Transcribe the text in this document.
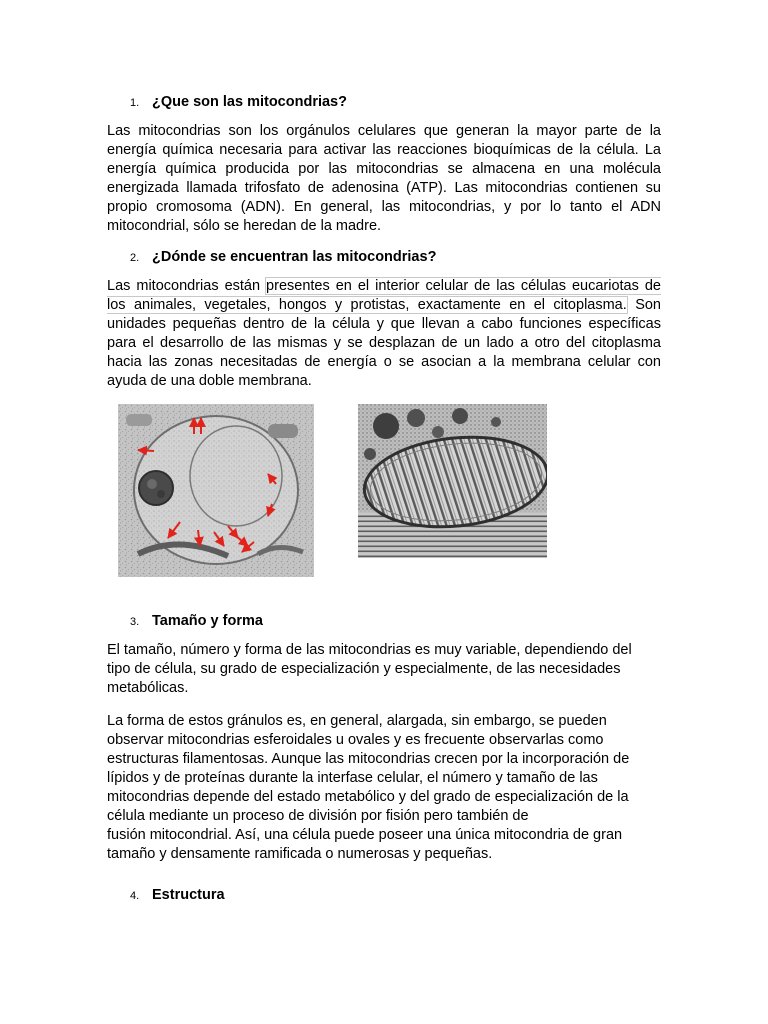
1. ¿Que son las mitocondrias?
Las mitocondrias son los orgánulos celulares que generan la mayor parte de la
energía química necesaria para activar las reacciones bioquímicas de la célula. La
energía química producida por las mitocondrias se almacena en una molécula
energizada llamada trifosfato de adenosina (ATP). Las mitocondrias contienen su
propio cromosoma (ADN). En general, las mitocondrias, y por lo tanto el ADN
mitocondrial, sólo se heredan de la madre.
2. ¿Dónde se encuentran las mitocondrias?
Las mitocondrias están presentes en el interior celular de las células eucariotas de
los animales, vegetales, hongos y protistas, exactamente en el citoplasma. Son
unidades pequeñas dentro de la célula y que llevan a cabo funciones específicas
para el desarrollo de las mismas y se desplazan de un lado a otro del citoplasma
hacia las zonas necesitadas de energía o se asocian a la membrana celular con
ayuda de una doble membrana.
3. Tamaño y forma
El tamaño, número y forma de las mitocondrias es muy variable, dependiendo del
tipo de célula, su grado de especialización y especialmente, de las necesidades
metabólicas.
La forma de estos gránulos es, en general, alargada, sin embargo, se pueden
observar mitocondrias esferoidales u ovales y es frecuente observarlas como
estructuras filamentosas. Aunque las mitocondrias crecen por la incorporación de
lípidos y de proteínas durante la interfase celular, el número y tamaño de las
mitocondrias depende del estado metabólico y del grado de especialización de la
célula mediante un proceso de división por fisión pero también de
fusión mitocondrial. Así, una célula puede poseer una única mitocondria de gran
tamaño y densamente ramificada o numerosas y pequeñas.
4. Estructura
